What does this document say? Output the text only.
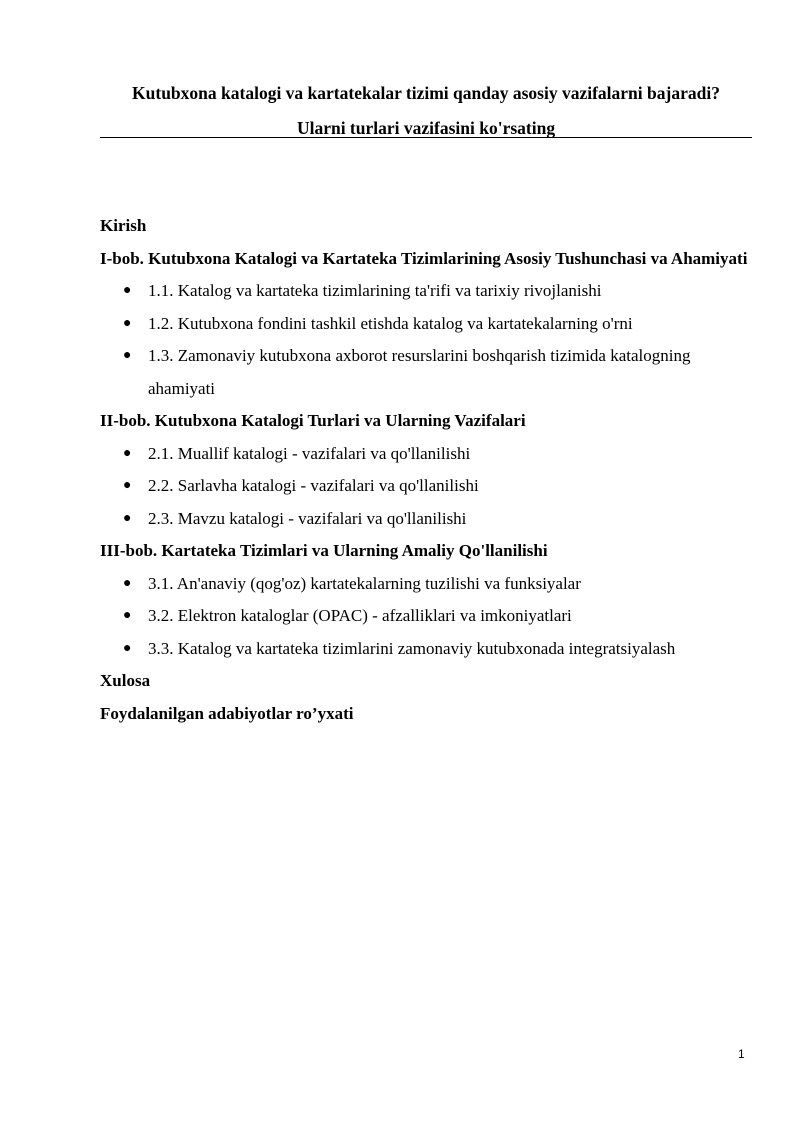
Kutubxona katalogi va kartatekalar tizimi qanday asosiy vazifalarni bajaradi?
Ularni turlari vazifasini ko'rsating

Kirish

I-bob. Kutubxona Katalogi va Kartateka Tizimlarining Asosiy Tushunchasi va Ahamiyati

● 1.1. Katalog va kartateka tizimlarining ta'rifi va tarixiy rivojlanishi
● 1.2. Kutubxona fondini tashkil etishda katalog va kartatekalarning o'rni
● 1.3. Zamonaviy kutubxona axborot resurslarini boshqarish tizimida katalogning ahamiyati

II-bob. Kutubxona Katalogi Turlari va Ularning Vazifalari

● 2.1. Muallif katalogi - vazifalari va qo'llanilishi
● 2.2. Sarlavha katalogi - vazifalari va qo'llanilishi
● 2.3. Mavzu katalogi - vazifalari va qo'llanilishi

III-bob. Kartateka Tizimlari va Ularning Amaliy Qo'llanilishi

● 3.1. An'anaviy (qog'oz) kartatekalarning tuzilishi va funksiyalar
● 3.2. Elektron kataloglar (OPAC) - afzalliklari va imkoniyatlari
● 3.3. Katalog va kartateka tizimlarini zamonaviy kutubxonada integratsiyalash

Xulosa

Foydalanilgan adabiyotlar ro’yxati

1
